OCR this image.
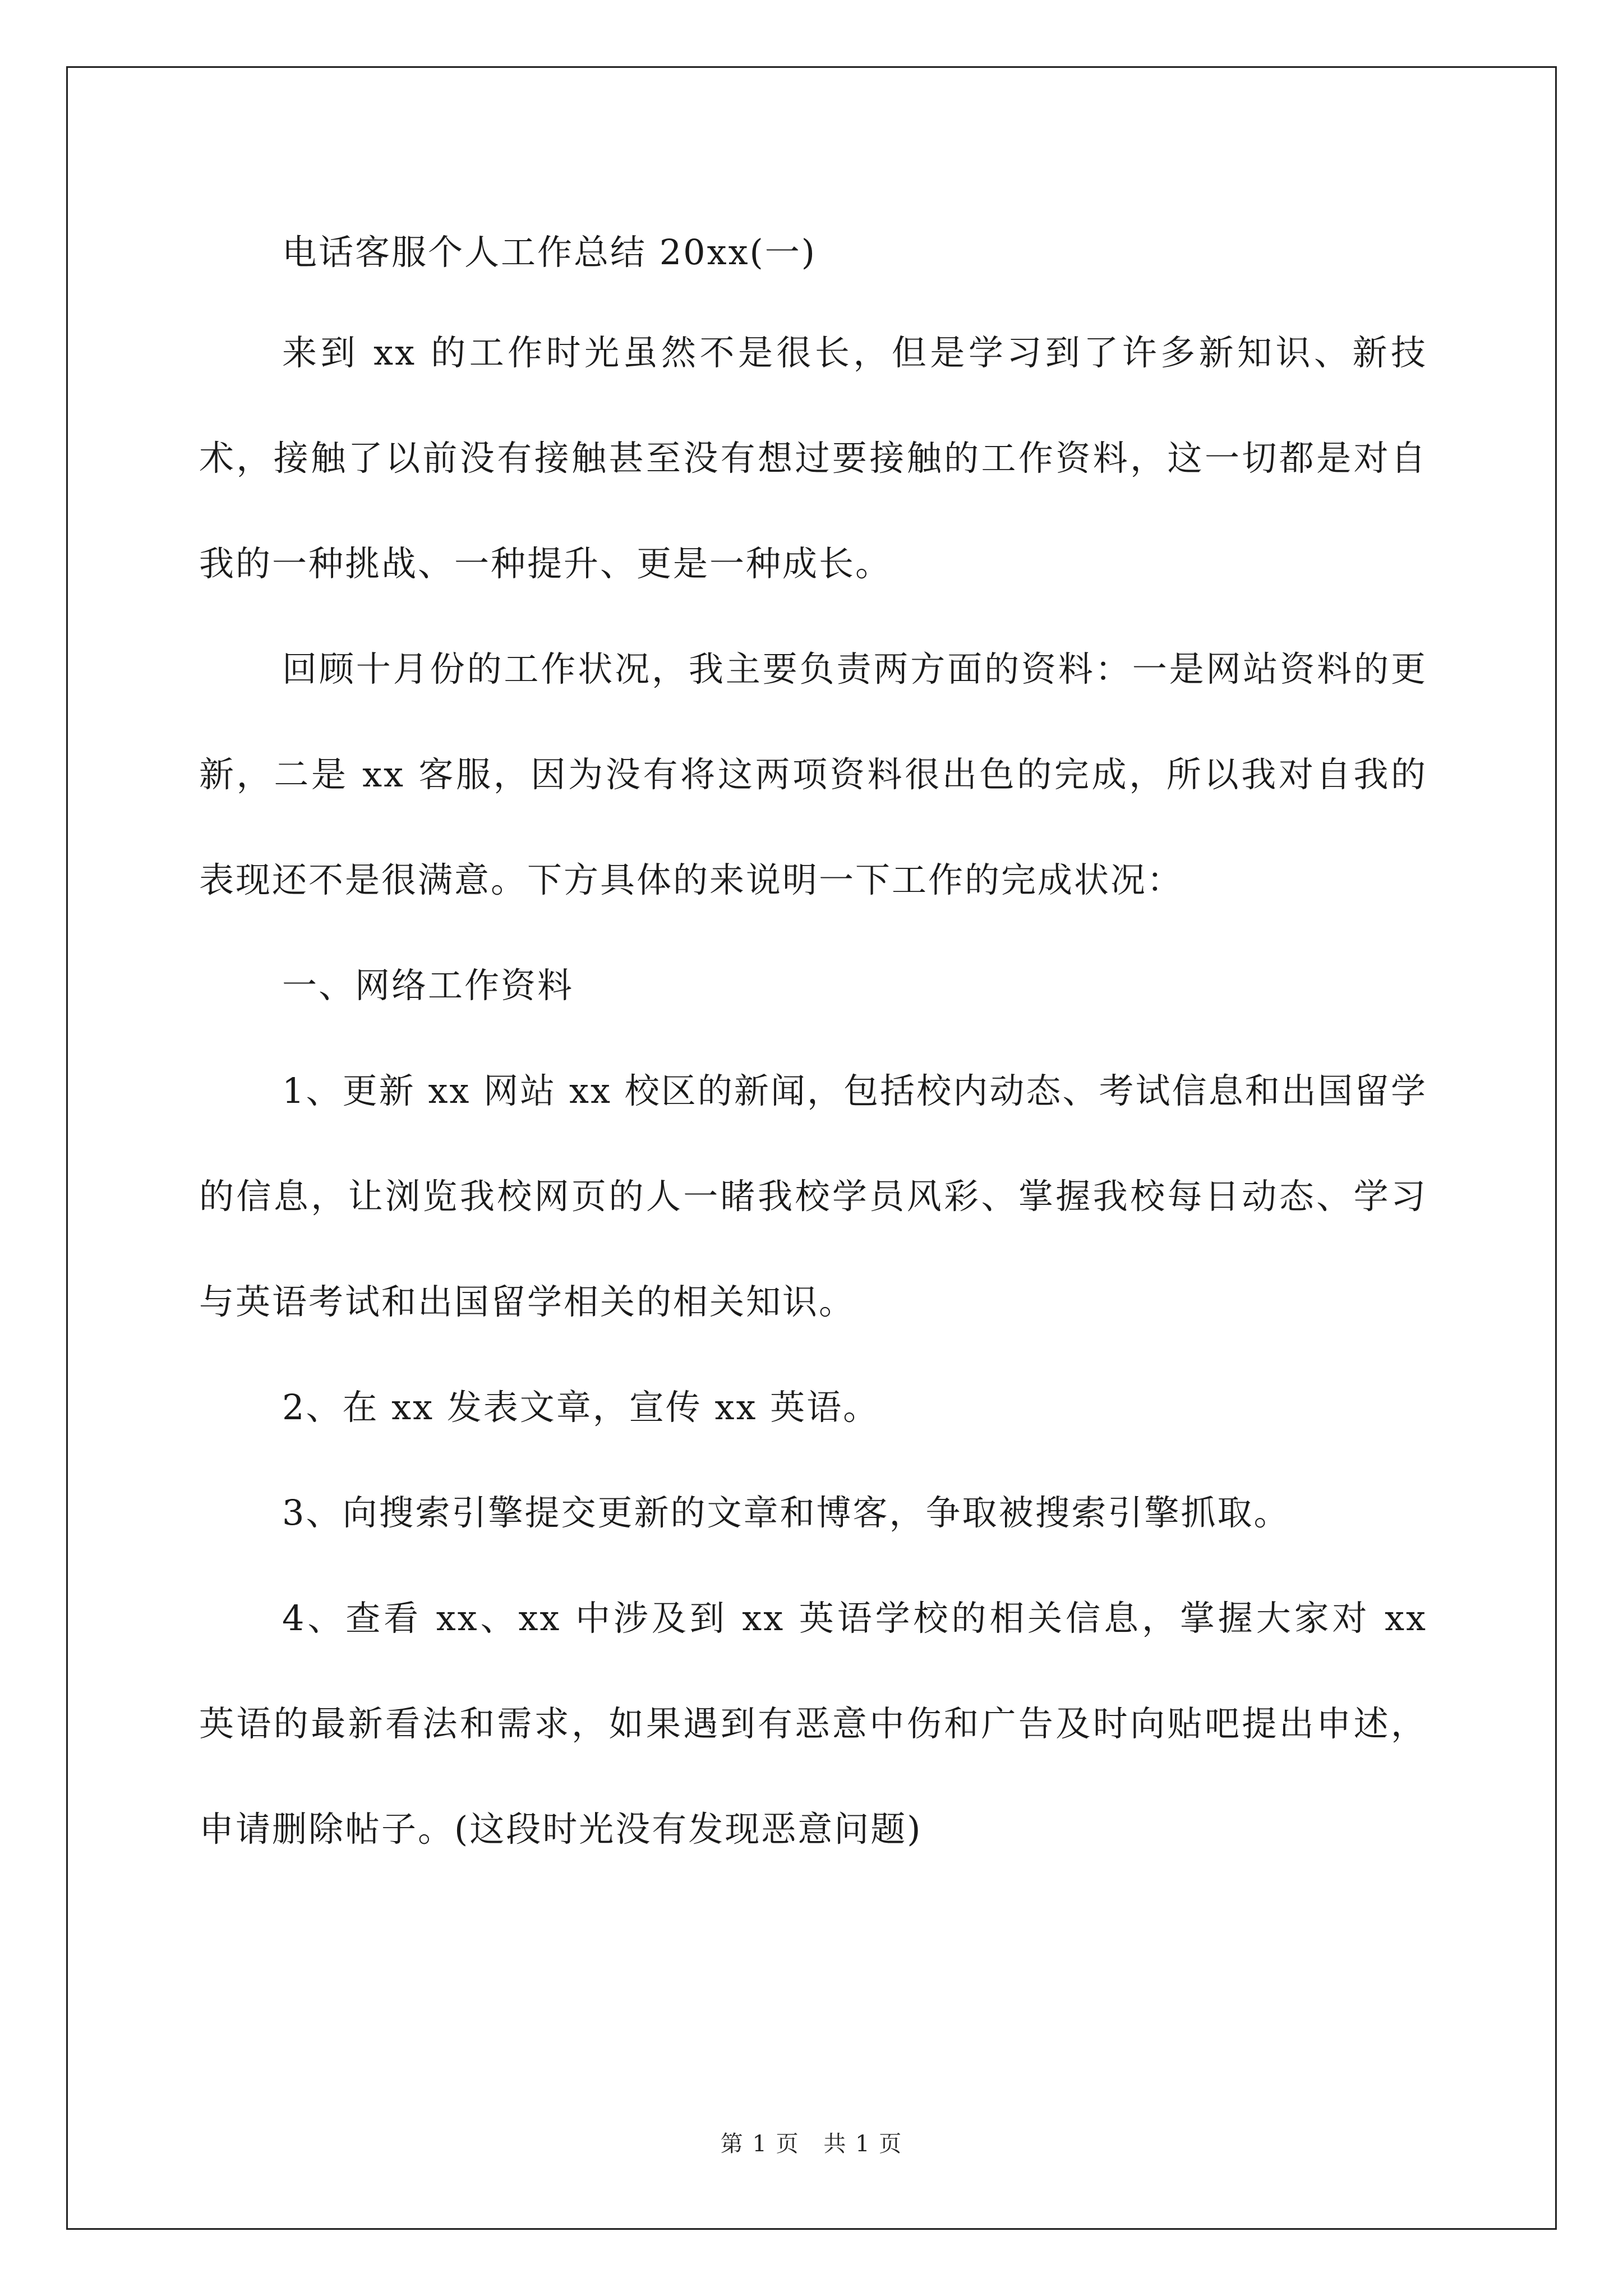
电话客服个人工作总结 20xx(一)

来到 xx 的工作时光虽然不是很长，但是学习到了许多新知识、新技术，接触了以前没有接触甚至没有想过要接触的工作资料，这一切都是对自我的一种挑战、一种提升、更是一种成长。

回顾十月份的工作状况，我主要负责两方面的资料：一是网站资料的更新，二是 xx 客服，因为没有将这两项资料很出色的完成，所以我对自我的表现还不是很满意。下方具体的来说明一下工作的完成状况：

一、网络工作资料

1、更新 xx 网站 xx 校区的新闻，包括校内动态、考试信息和出国留学的信息，让浏览我校网页的人一睹我校学员风彩、掌握我校每日动态、学习与英语考试和出国留学相关的相关知识。

2、在 xx 发表文章，宣传 xx 英语。

3、向搜索引擎提交更新的文章和博客，争取被搜索引擎抓取。

4、查看 xx、xx 中涉及到 xx 英语学校的相关信息，掌握大家对 xx 英语的最新看法和需求，如果遇到有恶意中伤和广告及时向贴吧提出申述，申请删除帖子。(这段时光没有发现恶意问题)

第 1 页 共 1 页
